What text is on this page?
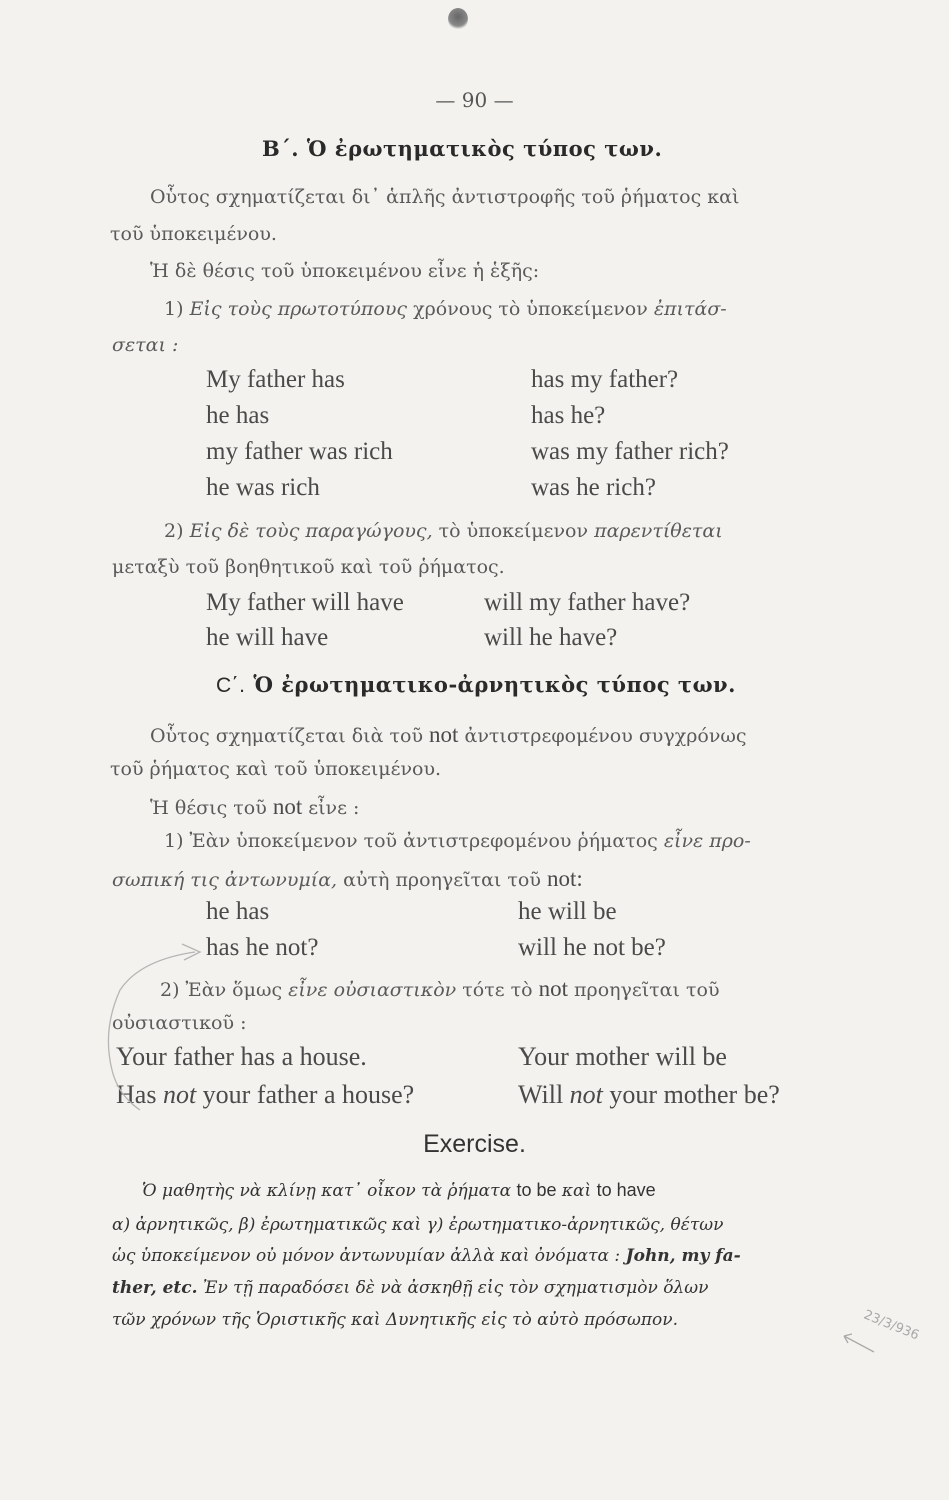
— 90 —
Β΄. Ὁ ἐρωτηματικὸς τύπος των.
Οὗτος σχηματίζεται δι᾽ ἁπλῆς ἀντιστροφῆς τοῦ ῥήματος καὶ
τοῦ ὑποκειμένου.
Ἡ δὲ θέσις τοῦ ὑποκειμένου εἶνε ἡ ἑξῆς:
1) Εἰς τοὺς πρωτοτύπους χρόνους τὸ ὑποκείμενον ἐπιτάσ-
σεται :
My father has	has my father?
he has	has he?
my father was rich	was my father rich?
he was rich	was he rich?
2) Εἰς δὲ τοὺς παραγώγους, τὸ ὑποκείμενον παρεντίθεται
μεταξὺ τοῦ βοηθητικοῦ καὶ τοῦ ῥήματος.
My father will have	will my father have?
he will have	will he have?
C΄. Ὁ ἐρωτηματικο-ἀρνητικὸς τύπος των.
Οὗτος σχηματίζεται διὰ τοῦ not ἀντιστρεφομένου συγχρόνως
τοῦ ῥήματος καὶ τοῦ ὑποκειμένου.
Ἡ θέσις τοῦ not εἶνε :
1) Ἐὰν ὑποκείμενον τοῦ ἀντιστρεφομένου ῥήματος εἶνε προ-
σωπική τις ἀντωνυμία, αὐτὴ προηγεῖται τοῦ not:
he has	he will be
has he not?	will he not be?
2) Ἐὰν ὅμως εἶνε οὐσιαστικὸν τότε τὸ not προηγεῖται τοῦ
οὐσιαστικοῦ :
Your father has a house.	Your mother will be
Has not your father a house?	Will not your mother be?
Exercise.
Ὁ μαθητὴς νὰ κλίνῃ κατ᾽ οἶκον τὰ ῥήματα to be καὶ to have
α) ἀρνητικῶς, β) ἐρωτηματικῶς καὶ γ) ἐρωτηματικο-ἀρνητικῶς, θέτων
ὡς ὑποκείμενον οὐ μόνον ἀντωνυμίαν ἀλλὰ καὶ ὀνόματα : John, my fa-
ther, etc. Ἐν τῇ παραδόσει δὲ νὰ ἀσκηθῇ εἰς τὸν σχηματισμὸν ὅλων
τῶν χρόνων τῆς Ὁριστικῆς καὶ Δυνητικῆς εἰς τὸ αὐτὸ πρόσωπον.	23/3/936
